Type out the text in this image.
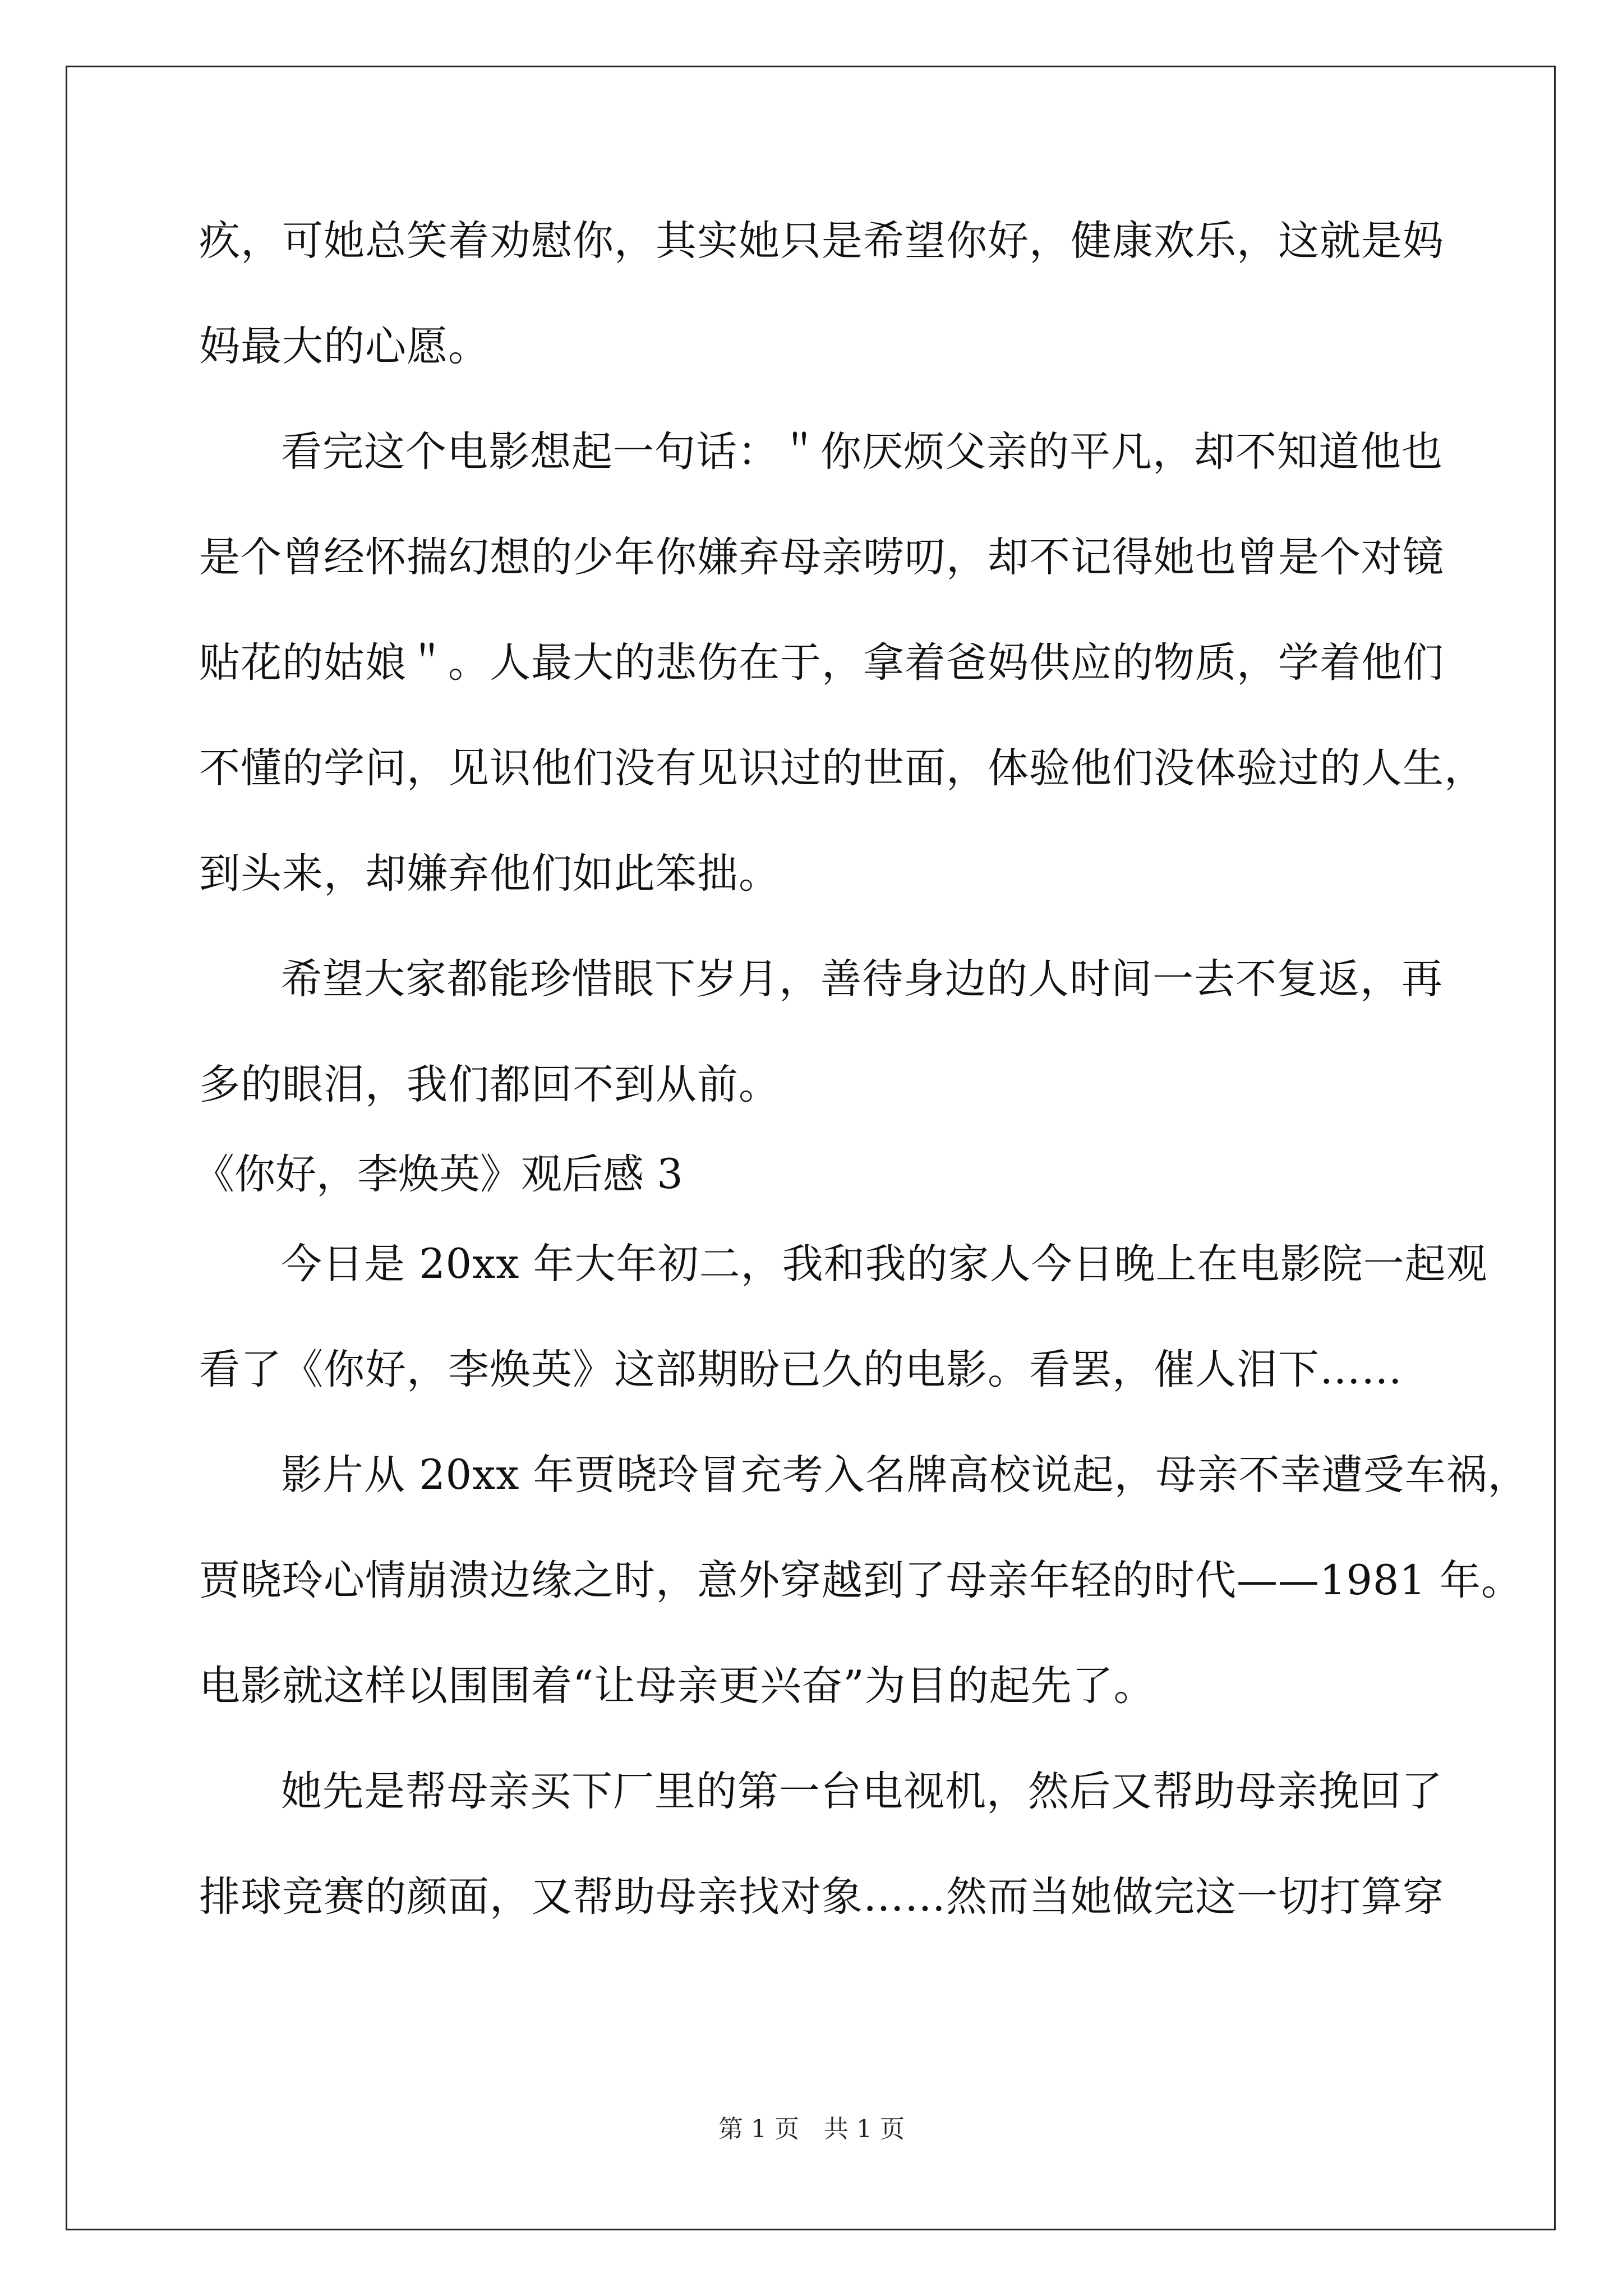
疚，可她总笑着劝慰你，其实她只是希望你好，健康欢乐，这就是妈
妈最大的心愿。
看完这个电影想起一句话：＂你厌烦父亲的平凡，却不知道他也
是个曾经怀揣幻想的少年你嫌弃母亲唠叨，却不记得她也曾是个对镜
贴花的姑娘＂。人最大的悲伤在于，拿着爸妈供应的物质，学着他们
不懂的学问，见识他们没有见识过的世面，体验他们没体验过的人生，
到头来，却嫌弃他们如此笨拙。
希望大家都能珍惜眼下岁月，善待身边的人时间一去不复返，再
多的眼泪，我们都回不到从前。
《你好，李焕英》观后感 3
今日是 20xx 年大年初二，我和我的家人今日晚上在电影院一起观
看了《你好，李焕英》这部期盼已久的电影。看罢，催人泪下……
影片从 20xx 年贾晓玲冒充考入名牌高校说起，母亲不幸遭受车祸，
贾晓玲心情崩溃边缘之时，意外穿越到了母亲年轻的时代——1981 年。
电影就这样以围围着“让母亲更兴奋”为目的起先了。
她先是帮母亲买下厂里的第一台电视机，然后又帮助母亲挽回了
排球竞赛的颜面，又帮助母亲找对象……然而当她做完这一切打算穿
第 1 页　共 1 页
